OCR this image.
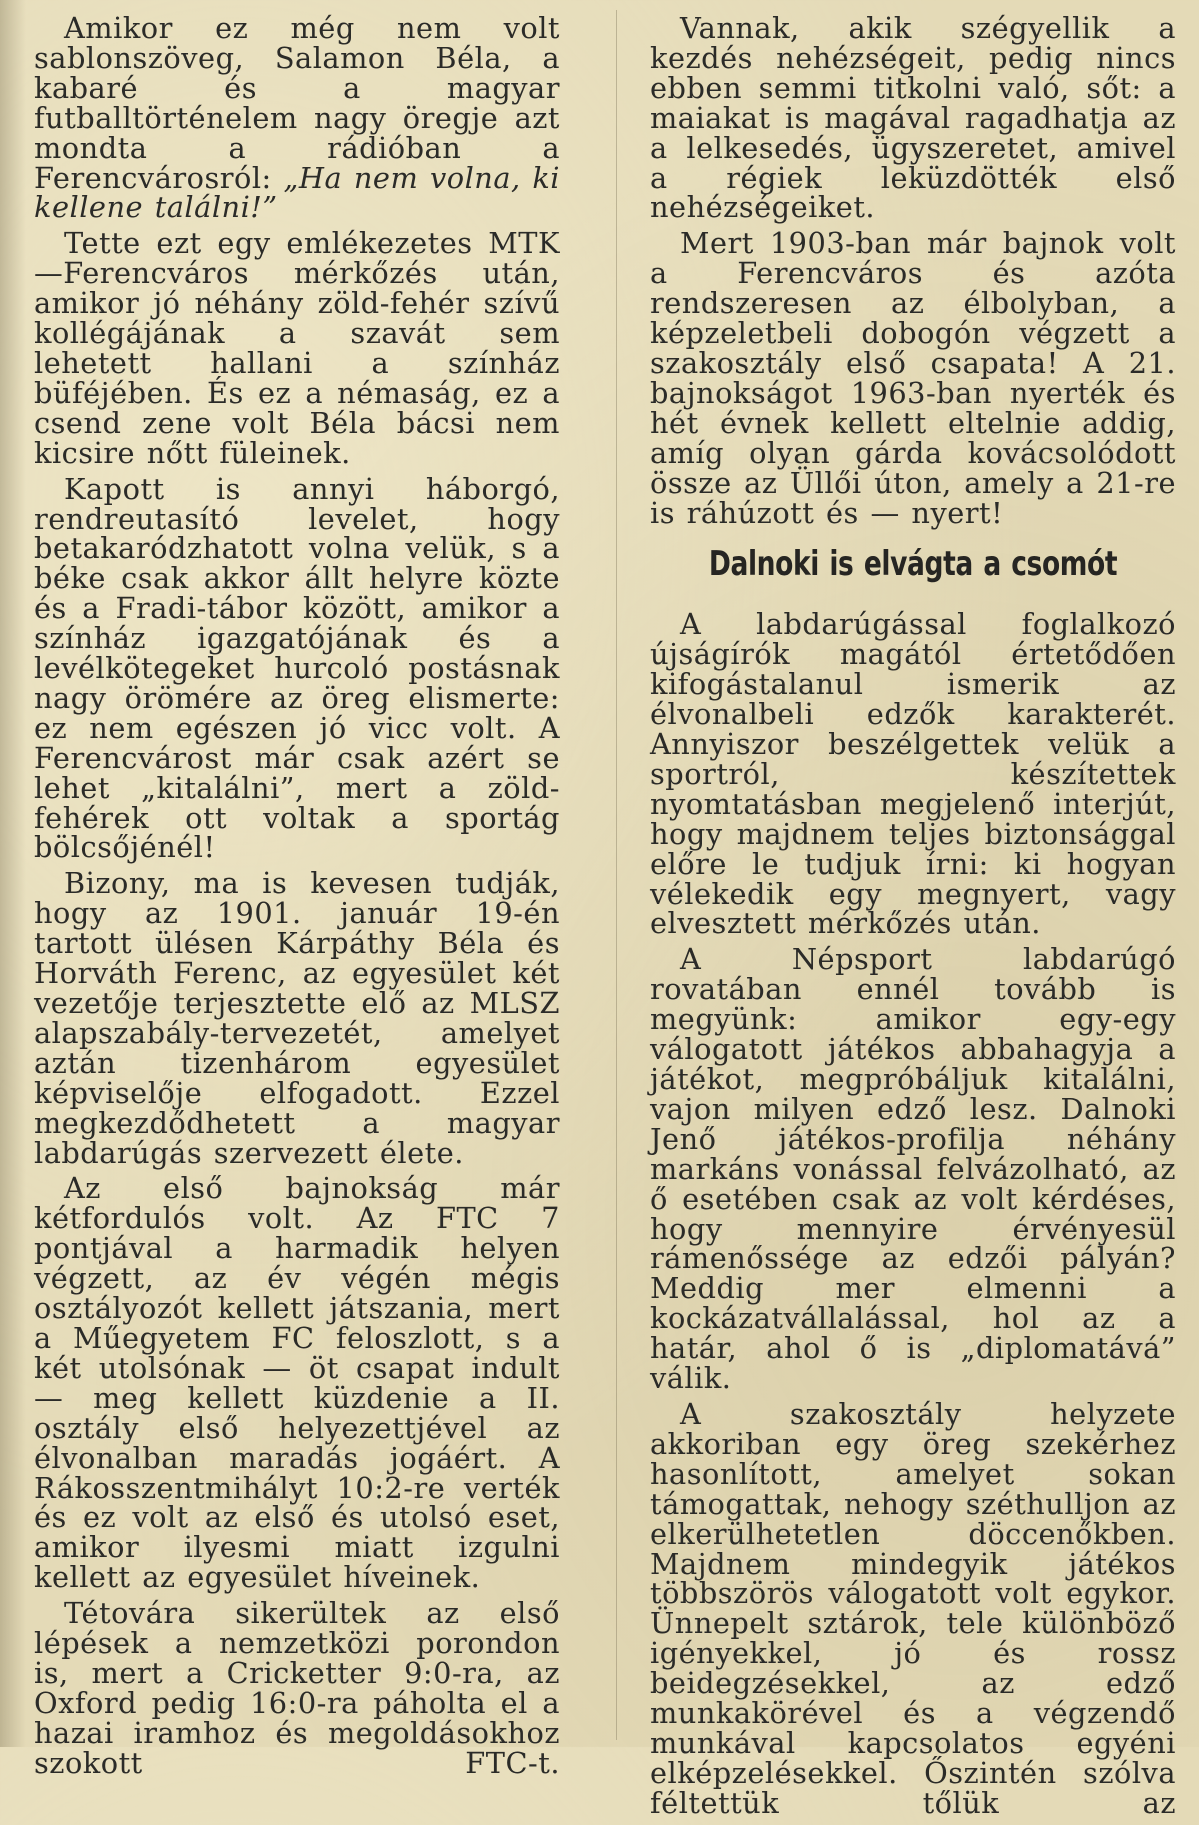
Amikor ez még nem volt sablonszöveg, Salamon Béla, a kabaré és a magyar futballtörténelem nagy öregje azt mondta a rádióban a Ferencvárosról: „Ha nem volna, ki kellene találni!”

Tette ezt egy emlékezetes MTK—Ferencváros mérkőzés után, amikor jó néhány zöld-fehér szívű kollégájának a szavát sem lehetett hallani a színház büféjében. És ez a némaság, ez a csend zene volt Béla bácsi nem kicsire nőtt füleinek.

Kapott is annyi háborgó, rendreutasító levelet, hogy betakaródzhatott volna velük, s a béke csak akkor állt helyre közte és a Fradi-tábor között, amikor a színház igazgatójának és a levélkötegeket hurcoló postásnak nagy örömére az öreg elismerte: ez nem egészen jó vicc volt. A Ferencvárost már csak azért se lehet „kitalálni”, mert a zöld-fehérek ott voltak a sportág bölcsőjénél!

Bizony, ma is kevesen tudják, hogy az 1901. január 19-én tartott ülésen Kárpáthy Béla és Horváth Ferenc, az egyesület két vezetője terjesztette elő az MLSZ alapszabály-tervezetét, amelyet aztán tizenhárom egyesület képviselője elfogadott. Ezzel megkezdődhetett a magyar labdarúgás szervezett élete.

Az első bajnokság már kétfordulós volt. Az FTC 7 pontjával a harmadik helyen végzett, az év végén mégis osztályozót kellett játszania, mert a Műegyetem FC feloszlott, s a két utolsónak — öt csapat indult — meg kellett küzdenie a II. osztály első helyezettjével az élvonalban maradás jogáért. A Rákosszentmihályt 10:2-re verték és ez volt az első és utolsó eset, amikor ilyesmi miatt izgulni kellett az egyesület híveinek.

Tétovára sikerültek az első lépések a nemzetközi porondon is, mert a Cricketter 9:0-ra, az Oxford pedig 16:0-ra páholta el a hazai iramhoz és megoldásokhoz szokott FTC-t.

Vannak, akik szégyellik a kezdés nehézségeit, pedig nincs ebben semmi titkolni való, sőt: a maiakat is magával ragadhatja az a lelkesedés, ügyszeretet, amivel a régiek leküzdötték első nehézségeiket.

Mert 1903-ban már bajnok volt a Ferencváros és azóta rendszeresen az élbolyban, a képzeletbeli dobogón végzett a szakosztály első csapata! A 21. bajnokságot 1963-ban nyerték és hét évnek kellett eltelnie addig, amíg olyan gárda kovácsolódott össze az Üllői úton, amely a 21-re is ráhúzott és — nyert!

Dalnoki is elvágta a csomót

A labdarúgással foglalkozó újságírók magától értetődően kifogástalanul ismerik az élvonalbeli edzők karakterét. Annyiszor beszélgettek velük a sportról, készítettek nyomtatásban megjelenő interjút, hogy majdnem teljes biztonsággal előre le tudjuk írni: ki hogyan vélekedik egy megnyert, vagy elvesztett mérkőzés után.

A Népsport labdarúgó rovatában ennél tovább is megyünk: amikor egy-egy válogatott játékos abbahagyja a játékot, megpróbáljuk kitalálni, vajon milyen edző lesz. Dalnoki Jenő játékos-profilja néhány markáns vonással felvázolható, az ő esetében csak az volt kérdéses, hogy mennyire érvényesül rámenőssége az edzői pályán? Meddig mer elmenni a kockázatvállalással, hol az a határ, ahol ő is „diplomatává” válik.

A szakosztály helyzete akkoriban egy öreg szekérhez hasonlított, amelyet sokan támogattak, nehogy széthulljon az elkerülhetetlen döccenőkben. Majdnem mindegyik játékos többszörös válogatott volt egykor. Ünnepelt sztárok, tele különböző igényekkel, jó és rossz beidegzésekkel, az edző munkakörével és a végzendő munkával kapcsolatos egyéni elképzelésekkel. Őszintén szólva féltettük tőlük az
